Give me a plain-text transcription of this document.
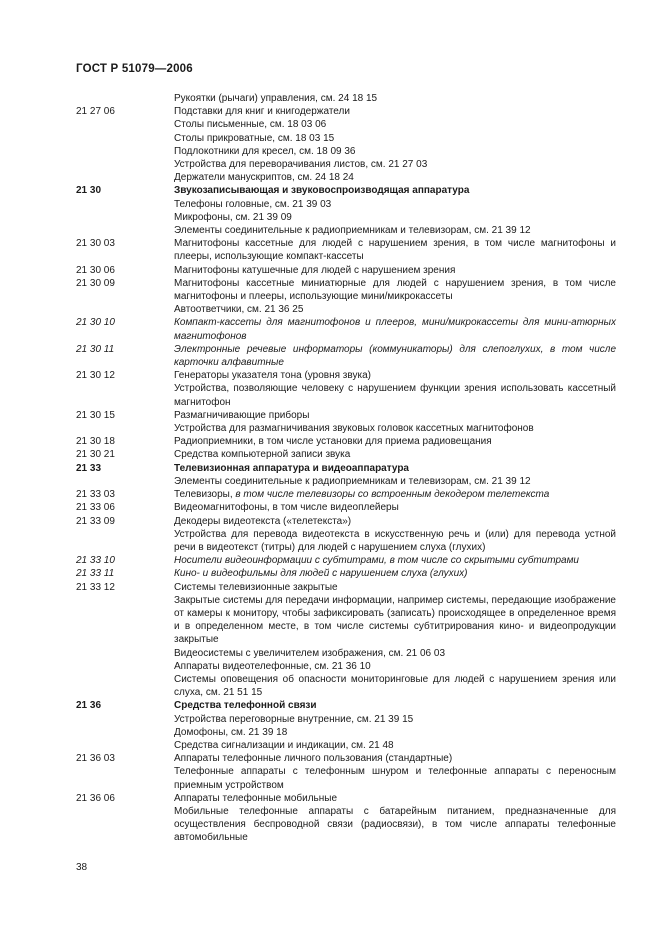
ГОСТ Р 51079—2006
Рукоятки (рычаги) управления, см. 24 18 15
21 27 06	Подставки для книг и книгодержатели
Столы письменные, см. 18 03 06
Столы прикроватные, см. 18 03 15
Подлокотники для кресел, см. 18 09 36
Устройства для переворачивания листов, см. 21 27 03
Держатели манускриптов, см. 24 18 24
21 30	Звукозаписывающая и звуковоспроизводящая аппаратура
Телефоны головные, см. 21 39 03
Микрофоны, см. 21 39 09
Элементы соединительные к радиоприемникам и телевизорам, см. 21 39 12
21 30 03	Магнитофоны кассетные для людей с нарушением зрения, в том числе магнитофоны и плееры, использующие компакт-кассеты
21 30 06	Магнитофоны катушечные для людей с нарушением зрения
21 30 09	Магнитофоны кассетные миниатюрные для людей с нарушением зрения, в том числе магнитофоны и плееры, использующие мини/микрокассеты
Автоответчики, см. 21 36 25
21 30 10	Компакт-кассеты для магнитофонов и плееров, мини/микрокассеты для мини-атюрных магнитофонов
21 30 11	Электронные речевые информаторы (коммуникаторы) для слепоглухих, в том числе карточки алфавитные
21 30 12	Генераторы указателя тона (уровня звука)
Устройства, позволяющие человеку с нарушением функции зрения использовать кассетный магнитофон
21 30 15	Размагничивающие приборы
Устройства для размагничивания звуковых головок кассетных магнитофонов
21 30 18	Радиоприемники, в том числе установки для приема радиовещания
21 30 21	Средства компьютерной записи звука
21 33	Телевизионная аппаратура и видеоаппаратура
Элементы соединительные к радиоприемникам и телевизорам, см. 21 39 12
21 33 03	Телевизоры, в том числе телевизоры со встроенным декодером телетекста
21 33 06	Видеомагнитофоны, в том числе видеоплейеры
21 33 09	Декодеры видеотекста («телетекста»)
Устройства для перевода видеотекста в искусственную речь и (или) для перевода устной речи в видеотекст (титры) для людей с нарушением слуха (глухих)
21 33 10	Носители видеоинформации с субтитрами, в том числе со скрытыми субтитрами
21 33 11	Кино- и видеофильмы для людей с нарушением слуха (глухих)
21 33 12	Системы телевизионные закрытые
Закрытые системы для передачи информации, например системы, передающие изображение от камеры к монитору, чтобы зафиксировать (записать) происходящее в определенное время и в определенном месте, в том числе системы субтитрирования кино- и видеопродукции закрытые
Видеосистемы с увеличителем изображения, см. 21 06 03
Аппараты видеотелефонные, см. 21 36 10
Системы оповещения об опасности мониторинговые для людей с нарушением зрения или слуха, см. 21 51 15
21 36	Средства телефонной связи
Устройства переговорные внутренние, см. 21 39 15
Домофоны, см. 21 39 18
Средства сигнализации и индикации, см. 21 48
21 36 03	Аппараты телефонные личного пользования (стандартные)
Телефонные аппараты с телефонным шнуром и телефонные аппараты с переносным приемным устройством
21 36 06	Аппараты телефонные мобильные
Мобильные телефонные аппараты с батарейным питанием, предназначенные для осуществления беспроводной связи (радиосвязи), в том числе аппараты телефонные автомобильные
38
